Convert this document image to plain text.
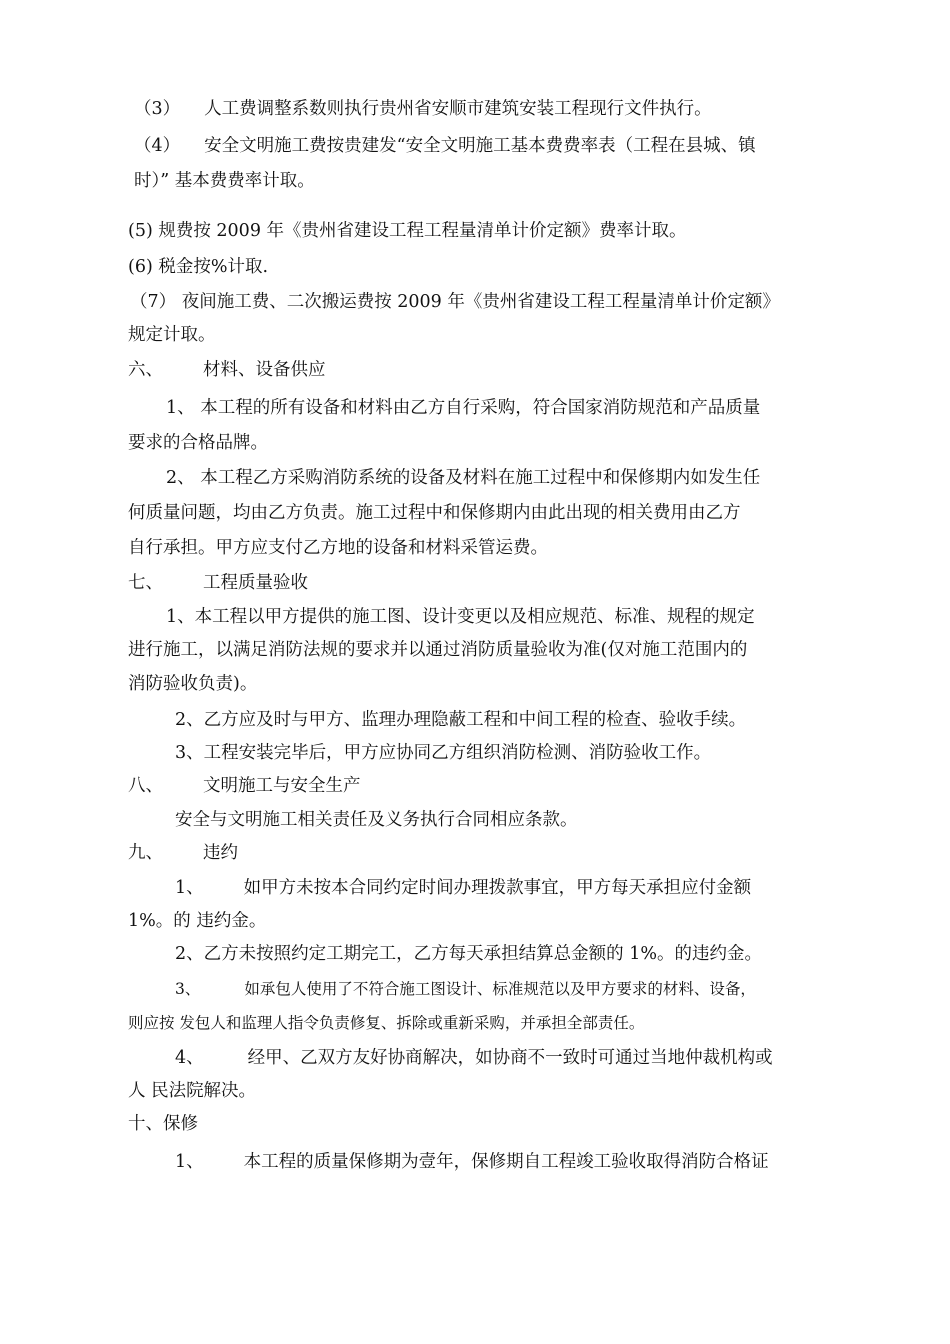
（3） 人工费调整系数则执行贵州省安顺市建筑安装工程现行文件执行。
（4） 安全文明施工费按贵建发“安全文明施工基本费费率表（工程在县城、镇
时）” 基本费费率计取。
(5) 规费按 2009 年《贵州省建设工程工程量清单计价定额》费率计取。
(6) 税金按%计取.
（7） 夜间施工费、二次搬运费按 2009 年《贵州省建设工程工程量清单计价定额》
规定计取。
六、 材料、设备供应
1、 本工程的所有设备和材料由乙方自行采购，符合国家消防规范和产品质量
要求的合格品牌。
2、 本工程乙方采购消防系统的设备及材料在施工过程中和保修期内如发生任
何质量问题，均由乙方负责。施工过程中和保修期内由此出现的相关费用由乙方
自行承担。甲方应支付乙方地的设备和材料采管运费。
七、 工程质量验收
1、本工程以甲方提供的施工图、设计变更以及相应规范、标准、规程的规定
进行施工，以满足消防法规的要求并以通过消防质量验收为准(仅对施工范围内的
消防验收负责)。
2、乙方应及时与甲方、监理办理隐蔽工程和中间工程的检查、验收手续。
3、工程安装完毕后，甲方应协同乙方组织消防检测、消防验收工作。
八、 文明施工与安全生产
安全与文明施工相关责任及义务执行合同相应条款。
九、 违约
1、 如甲方未按本合同约定时间办理拨款事宜，甲方每天承担应付金额
1%。的 违约金。
2、乙方未按照约定工期完工，乙方每天承担结算总金额的 1%。的违约金。
3、	如承包人使用了不符合施工图设计、标准规范以及甲方要求的材料、设备，
则应按 发包人和监理人指令负责修复、拆除或重新采购，并承担全部责任。
4、	经甲、乙双方友好协商解决，如协商不一致时可通过当地仲裁机构或
人 民法院解决。
十、保修
1、 本工程的质量保修期为壹年，保修期自工程竣工验收取得消防合格证
